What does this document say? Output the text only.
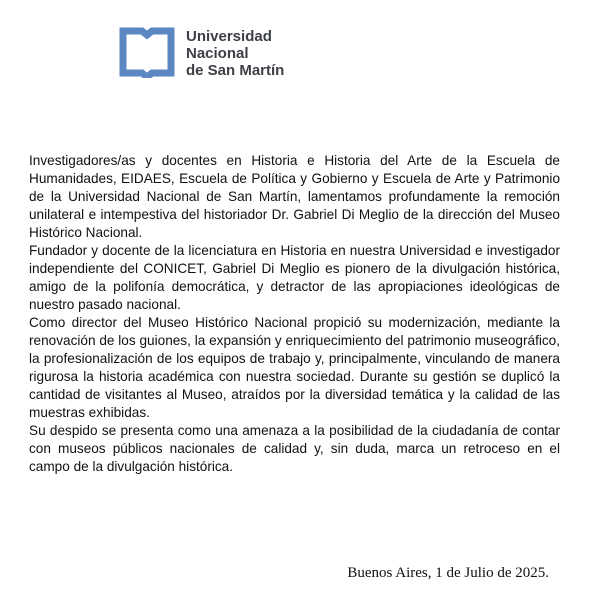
Universidad
Nacional
de San Martín

Investigadores/as y docentes en Historia e Historia del Arte de la Escuela de Humanidades, EIDAES, Escuela de Política y Gobierno y Escuela de Arte y Patrimonio de la Universidad Nacional de San Martín, lamentamos profundamente la remoción unilateral e intempestiva del historiador Dr. Gabriel Di Meglio de la dirección del Museo Histórico Nacional.

Fundador y docente de la licenciatura en Historia en nuestra Universidad e investigador independiente del CONICET, Gabriel Di Meglio es pionero de la divulgación histórica, amigo de la polifonía democrática, y detractor de las apropiaciones ideológicas de nuestro pasado nacional.

Como director del Museo Histórico Nacional propició su modernización, mediante la renovación de los guiones, la expansión y enriquecimiento del patrimonio museográfico, la profesionalización de los equipos de trabajo y, principalmente, vinculando de manera rigurosa la historia académica con nuestra sociedad. Durante su gestión se duplicó la cantidad de visitantes al Museo, atraídos por la diversidad temática y la calidad de las muestras exhibidas.

Su despido se presenta como una amenaza a la posibilidad de la ciudadanía de contar con museos públicos nacionales de calidad y, sin duda, marca un retroceso en el campo de la divulgación histórica.

Buenos Aires, 1 de Julio de 2025.
